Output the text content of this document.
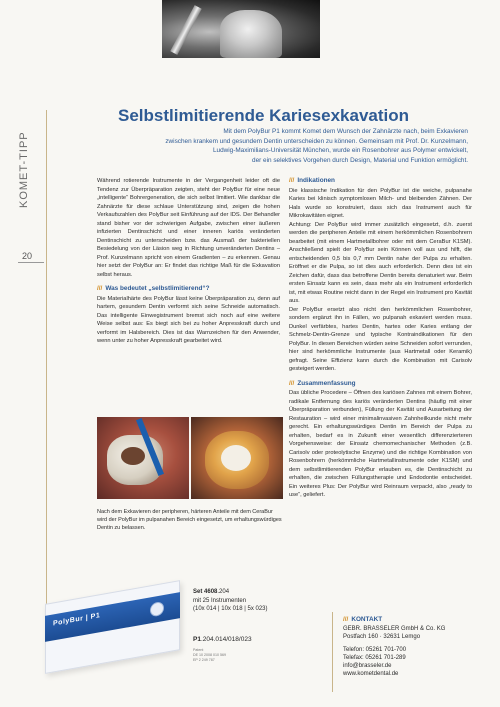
KOMET-TIPP
20
Selbstlimitierende Kariesexkavation
Mit dem PolyBur P1 kommt Komet dem Wunsch der Zahnärzte nach, beim Exkavieren
zwischen krankem und gesundem Dentin unterscheiden zu können. Gemeinsam mit Prof. Dr. Kunzelmann,
Ludwig-Maximilians-Universität München, wurde ein Rosenbohrer aus Polymer entwickelt,
der ein selektives Vorgehen durch Design, Material und Funktion ermöglicht.

Während rotierende Instrumente in der Vergangenheit leider oft die Tendenz zur Überpräparation zeigten, steht der PolyBur für eine neue „intelligente“ Bohrergeneration, die sich selbst limitiert. Wie dankbar die Zahnärzte für diese schlaue Unterstützung sind, zeigen die hohen Verkaufszahlen des PolyBur seit Einführung auf der IDS. Der Behandler stand bisher vor der schwierigen Aufgabe, zwischen einer äußeren infizierten Dentinschicht und einer inneren kariös veränderten Dentinschicht zu unterscheiden bzw. das Ausmaß der bakteriellen Besiedelung von der Läsion weg in Richtung unveränderten Dentins – Prof. Kunzelmann spricht von einem Gradienten – zu erkennen. Genau hier setzt der PolyBur an: Er findet das richtige Maß für die Exkavation selbst heraus.

/// Was bedeutet „selbstlimitierend“?

Die Materialhärte des PolyBur lässt keine Überpräparation zu, denn auf hartem, gesundem Dentin verformt sich seine Schneide automatisch. Das intelligente Einwegistrument bremst sich noch auf eine weitere Weise selbst aus: Es biegt sich bei zu hoher Anpresskraft durch und verformt im Halsbereich. Dies ist das Warnzeichen für den Anwender, wenn unter zu hoher Anpresskraft gearbeitet wird.

/// Indikationen

Die klassische Indikation für den PolyBur ist die weiche, pulpanahe Karies bei klinisch symptomlosen Milch- und bleibenden Zähnen. Der Hals wurde so konstruiert, dass sich das Instrument auch für Mikrokavitäten eignet.

Achtung: Der PolyBur wird immer zusätzlich eingesetzt, d.h. zuerst werden die peripheren Anteile mit einem herkömmlichen Rosenbohrern bearbeitet (mit einem Hartmetallbohrer oder mit dem CeraBur K1SM). Anschließend spielt der PolyBur sein Können voll aus und hilft, die entscheidenden 0,5 bis 0,7 mm Dentin nahe der Pulpa zu erhalten. Eröffnet er die Pulpa, so ist dies auch erforderlich. Denn dies ist ein Zeichen dafür, dass das betroffene Dentin bereits denaturiert war. Beim ersten Einsatz kann es sein, dass mehr als ein Instrument erforderlich ist, mit etwas Routine reicht dann in der Regel ein Instrument pro Kavität aus.

Der PolyBur ersetzt also nicht den herkömmlichen Rosenbohrer, sondern ergänzt ihn in Fällen, wo pulpanah exkaviert werden muss. Dunkel verfärbtes, hartes Dentin, hartes oder Karies entlang der Schmelz-Dentin-Grenze und typische Kontraindikationen für den PolyBur. In diesen Bereichen würden seine Schneiden sofort verrunden, hier sind herkömmliche Instrumente (aus Hartmetall oder Keramik) gefragt. Seine Effizienz kann durch die Kombination mit Carisolv gesteigert werden.

/// Zusammenfassung

Das übliche Procedere – Öffnen des kariösen Zahnes mit einem Bohrer, radikale Entfernung des kariös veränderten Dentins (häufig mit einer Überpräparation verbunden), Füllung der Kavität und Ausarbeitung der Restauration – wird einer minimalinvasiven Zahnheilkunde nicht mehr gerecht. Ein erhaltungswürdiges Dentin im Bereich der Pulpa zu erhalten, bedarf es in Zukunft einer wesentlich differenzierteren Vorgehensweise: der Einsatz chemomechanischer Methoden (z.B. Carisolv oder proteolytische Enzyme) und die richtige Kombination von Rosenbohrern (herkömmliche Hartmetallinstrumente oder K1SM) und dem selbstlimitierenden PolyBur erlauben es, die Dentinschicht zu erhalten, die zwischen Füllungstherapie und Endodontie entscheidet. Ein weiteres Plus: Der PolyBur wird Reinraum verpackt, also „ready to use“, geliefert.

Nach dem Exkavieren der peripheren, härteren Anteile mit dem CeraBur wird der PolyBur im pulpanahen Bereich eingesetzt, um erhaltungswürdiges Dentin zu belassen.
PolyBur | P1
Set 4608.204
mit 25 Instrumenten
(10x 014 | 10x 018 | 5x 023)
P1.204.014/018/023
Patent
DE 10 2008 010 569
EP 2 249 787
/// KONTAKT
GEBR. BRASSELER GmbH & Co. KG
Postfach 160 · 32631 Lemgo
Telefon: 05261 701-700
Telefax: 05261 701-289
info@brasseler.de
www.kometdental.de
